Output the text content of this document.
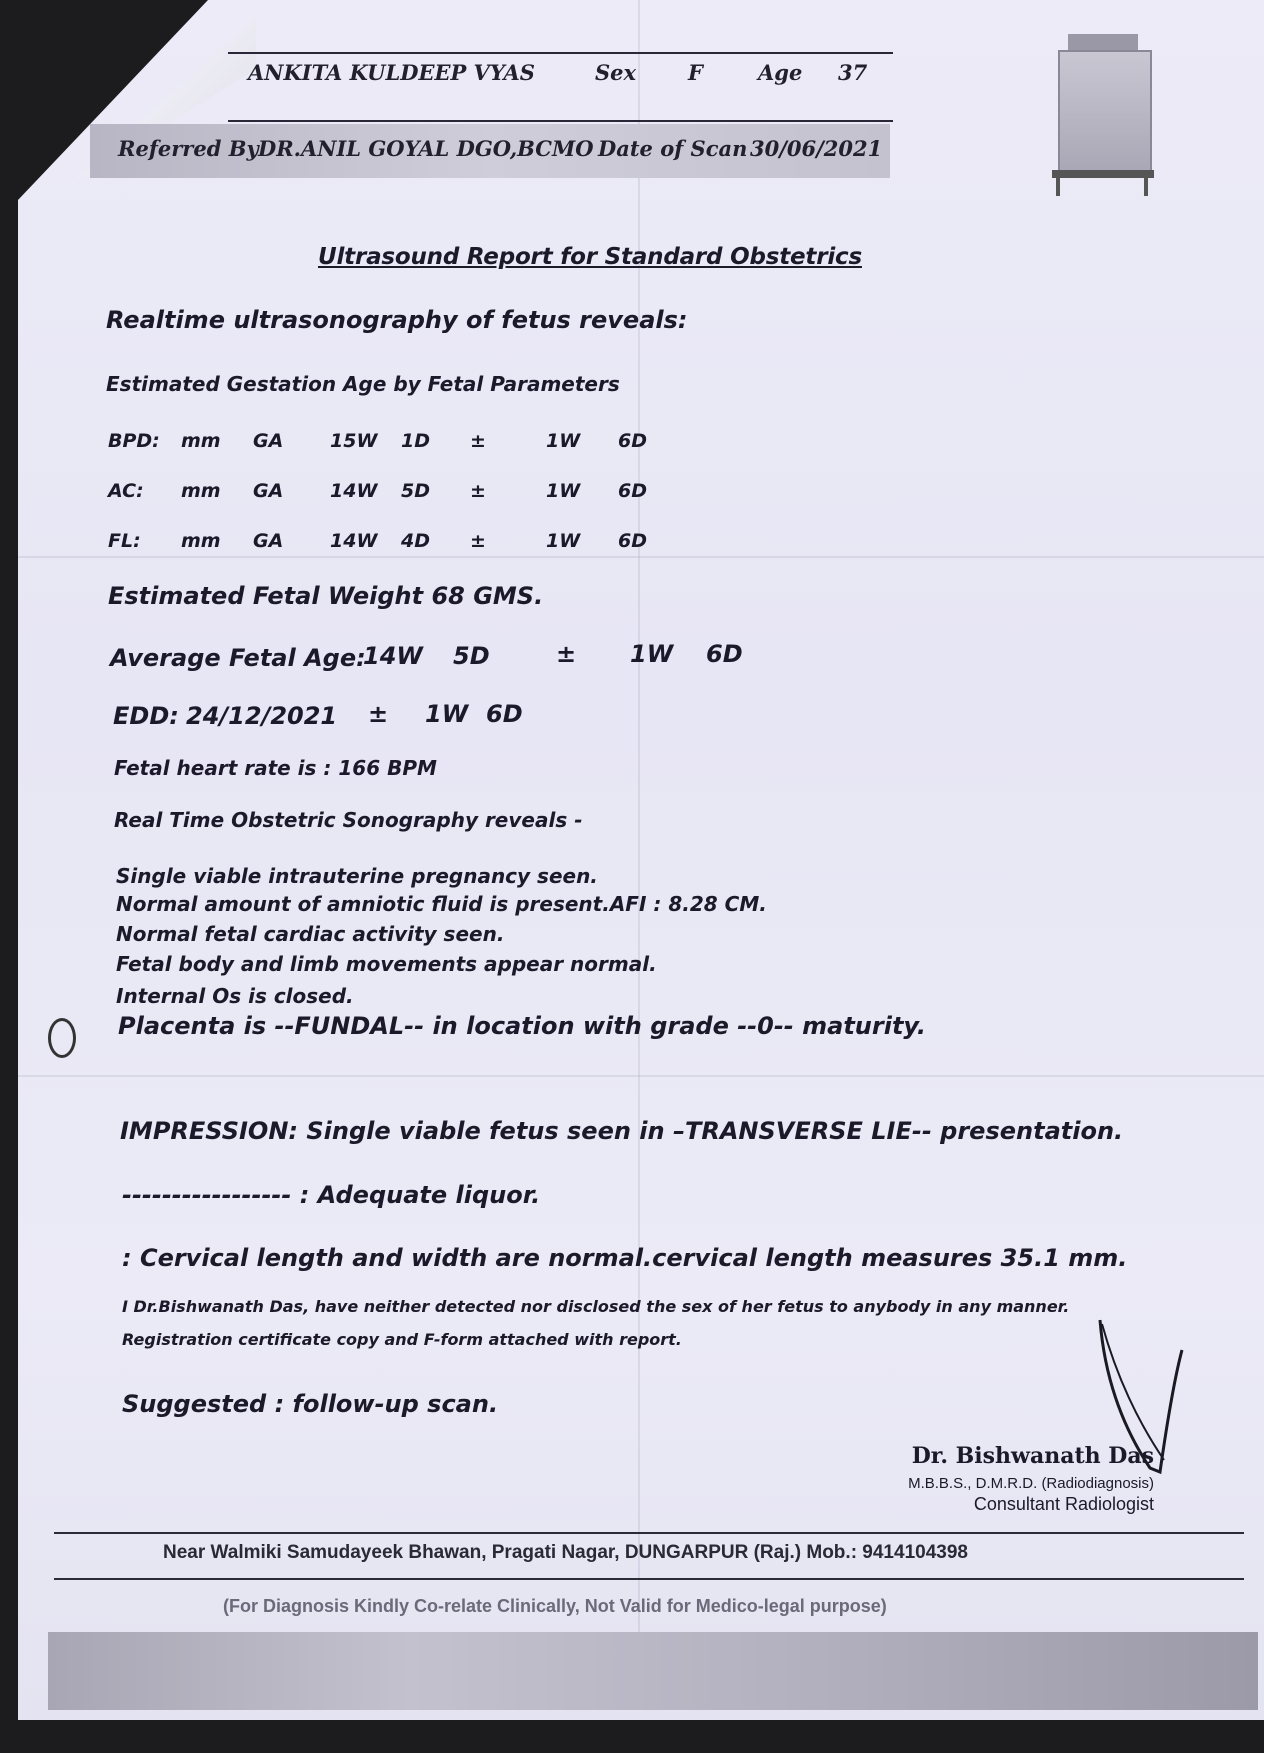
ANKITA KULDEEP VYAS	Sex F	Age 37
Referred By DR.ANIL GOYAL DGO,BCMO Date of Scan 30/06/2021
Ultrasound Report for Standard Obstetrics
Realtime ultrasonography of fetus reveals:
Estimated Gestation Age by Fetal Parameters
BPD: mm GA 15W 1D ±	1W 6D
AC: mm GA 14W 5D ±	1W 6D
FL: mm GA 14W 4D ±	1W 6D
Estimated Fetal Weight 68 GMS.
Average Fetal Age:
14W 5D	± 1W 6D
EDD: 24/12/2021 ± 1W 6D
Fetal heart rate is : 166 BPM
Real Time Obstetric Sonography reveals -
Single viable intrauterine pregnancy seen.
Normal amount of amniotic fluid is present.AFI : 8.28 CM.
Normal fetal cardiac activity seen.
Fetal body and limb movements appear normal.
Internal Os is closed.
Placenta is --FUNDAL-- in location with grade --0-- maturity.
IMPRESSION: Single viable fetus seen in –TRANSVERSE LIE-- presentation.
----------------- : Adequate liquor.
: Cervical length and width are normal.cervical length measures 35.1 mm.
I Dr.Bishwanath Das, have neither detected nor disclosed the sex of her fetus to anybody in any manner.
Registration certificate copy and F-form attached with report.
Suggested : follow-up scan.
Dr. Bishwanath Das
M.B.B.S., D.M.R.D. (Radiodiagnosis)
Consultant Radiologist
Near Walmiki Samudayeek Bhawan, Pragati Nagar, DUNGARPUR (Raj.) Mob.: 9414104398
(For Diagnosis Kindly Co-relate Clinically, Not Valid for Medico-legal purpose)
